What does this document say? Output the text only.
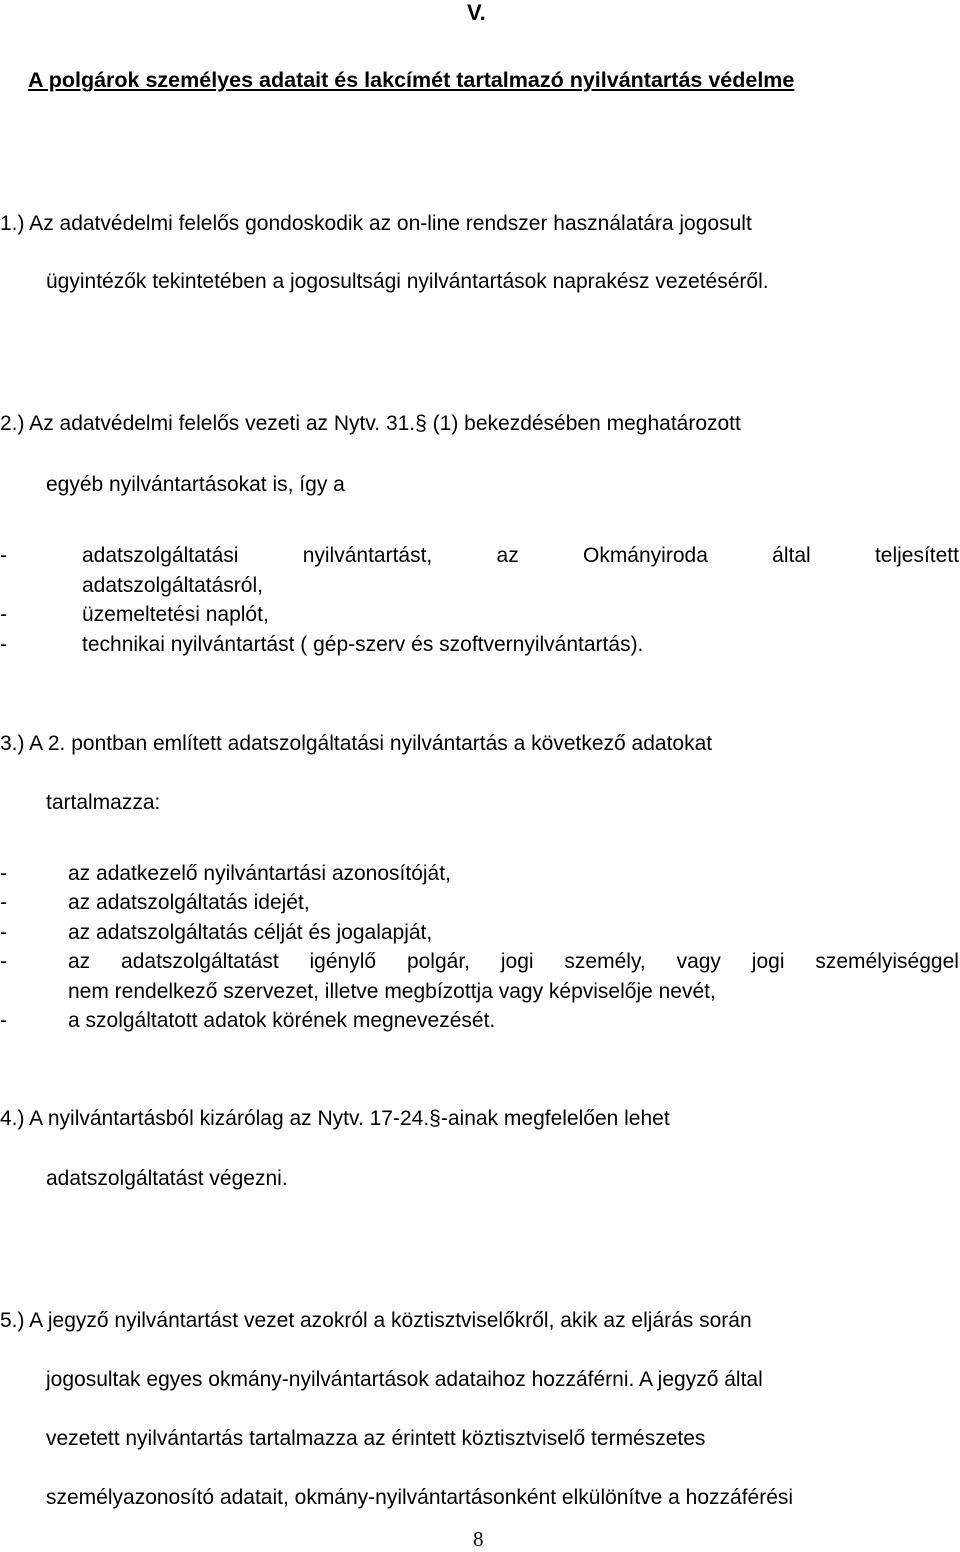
V.
A polgárok személyes adatait és lakcímét tartalmazó nyilvántartás védelme
1.) Az adatvédelmi felelős gondoskodik az on-line rendszer használatára jogosult
ügyintézők tekintetében a jogosultsági nyilvántartások naprakész vezetéséről.
2.) Az adatvédelmi felelős vezeti az Nytv. 31.§ (1) bekezdésében meghatározott
egyéb nyilvántartásokat is, így a
-	adatszolgáltatási	nyilvántartást,	az	Okmányiroda	által	teljesített
adatszolgáltatásról,
-	üzemeltetési naplót,
-	technikai nyilvántartást ( gép-szerv és szoftvernyilvántartás).
3.) A 2. pontban említett adatszolgáltatási nyilvántartás a következő adatokat
tartalmazza:
-	az adatkezelő nyilvántartási azonosítóját,
-	az adatszolgáltatás idejét,
-	az adatszolgáltatás célját és jogalapját,
-	az adatszolgáltatást igénylő polgár, jogi személy, vagy jogi személyiséggel
nem rendelkező szervezet, illetve megbízottja vagy képviselője nevét,
-	a szolgáltatott adatok körének megnevezését.
4.) A nyilvántartásból kizárólag az Nytv. 17-24.§-ainak megfelelően lehet
adatszolgáltatást végezni.
5.) A jegyző nyilvántartást vezet azokról a köztisztviselőkről, akik az eljárás során
jogosultak egyes okmány-nyilvántartások adataihoz hozzáférni. A jegyző által
vezetett nyilvántartás tartalmazza az érintett köztisztviselő természetes
személyazonosító adatait, okmány-nyilvántartásonként elkülönítve a hozzáférési
8
